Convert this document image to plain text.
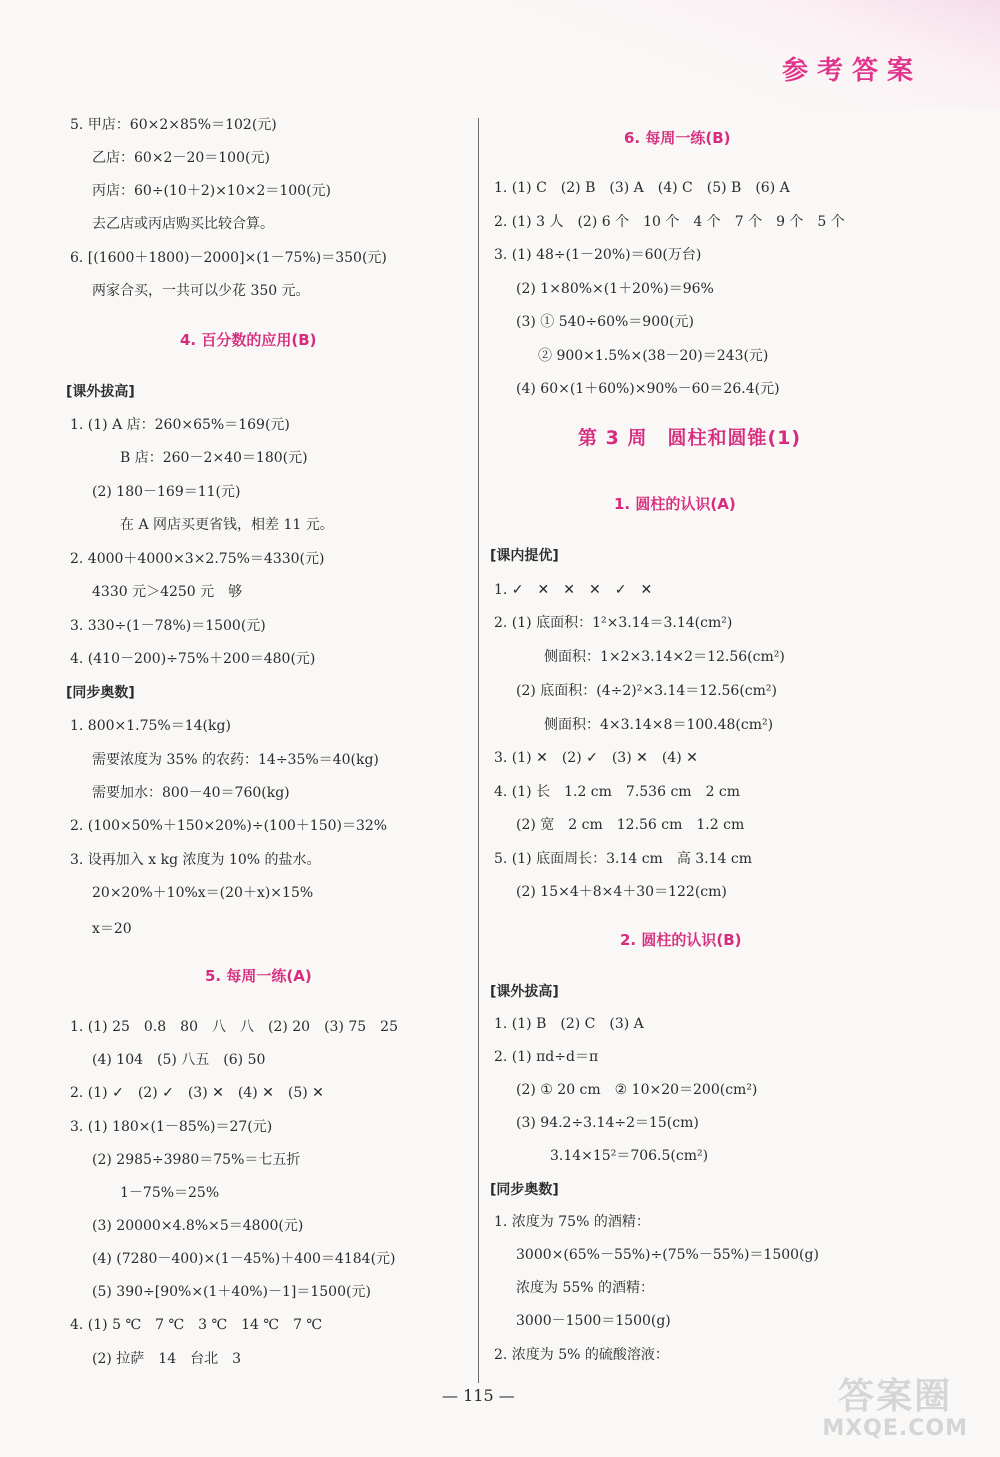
参考答案
5. 甲店：60×2×85%＝102(元)
乙店：60×2－20＝100(元)
丙店：60÷(10＋2)×10×2＝100(元)
去乙店或丙店购买比较合算。
6. [(1600＋1800)－2000]×(1－75%)＝350(元)
两家合买，一共可以少花 350 元。
4. 百分数的应用(B)
[课外拔高]
1. (1) A 店：260×65%＝169(元)
B 店：260－2×40＝180(元)
(2) 180－169＝11(元)
在 A 网店买更省钱，相差 11 元。
2. 4000＋4000×3×2.75%＝4330(元)
4330 元＞4250 元　够
3. 330÷(1－78%)＝1500(元)
4. (410－200)÷75%＋200＝480(元)
[同步奥数]
1. 800×1.75%＝14(kg)
需要浓度为 35% 的农药：14÷35%＝40(kg)
需要加水：800－40＝760(kg)
2. (100×50%＋150×20%)÷(100＋150)＝32%
3. 设再加入 x kg 浓度为 10% 的盐水。
20×20%＋10%x＝(20＋x)×15%
x＝20
5. 每周一练(A)
1. (1) 25　0.8　80　八　八　(2) 20　(3) 75　25
(4) 104　(5) 八五　(6) 50
2. (1) ✓　(2) ✓　(3) ✕　(4) ✕　(5) ✕
3. (1) 180×(1－85%)＝27(元)
(2) 2985÷3980＝75%＝七五折
1－75%＝25%
(3) 20000×4.8%×5＝4800(元)
(4) (7280－400)×(1－45%)＋400＝4184(元)
(5) 390÷[90%×(1＋40%)－1]＝1500(元)
4. (1) 5 ℃　7 ℃　3 ℃　14 ℃　7 ℃
(2) 拉萨　14　台北　3
6. 每周一练(B)
1. (1) C　(2) B　(3) A　(4) C　(5) B　(6) A
2. (1) 3 人　(2) 6 个　10 个　4 个　7 个　9 个　5 个
3. (1) 48÷(1－20%)＝60(万台)
(2) 1×80%×(1＋20%)＝96%
(3) ① 540÷60%＝900(元)
② 900×1.5%×(38－20)＝243(元)
(4) 60×(1＋60%)×90%－60＝26.4(元)
第 3 周　圆柱和圆锥(1)
1. 圆柱的认识(A)
[课内提优]
1. ✓　✕　✕　✕　✓　✕
2. (1) 底面积：1²×3.14＝3.14(cm²)
侧面积：1×2×3.14×2＝12.56(cm²)
(2) 底面积：(4÷2)²×3.14＝12.56(cm²)
侧面积：4×3.14×8＝100.48(cm²)
3. (1) ✕　(2) ✓　(3) ✕　(4) ✕
4. (1) 长　1.2 cm　7.536 cm　2 cm
(2) 宽　2 cm　12.56 cm　1.2 cm
5. (1) 底面周长：3.14 cm　高 3.14 cm
(2) 15×4＋8×4＋30＝122(cm)
2. 圆柱的认识(B)
[课外拔高]
1. (1) B　(2) C　(3) A
2. (1) πd÷d＝π
(2) ① 20 cm　② 10×20＝200(cm²)
(3) 94.2÷3.14÷2＝15(cm)
3.14×15²＝706.5(cm²)
[同步奥数]
1. 浓度为 75% 的酒精：
3000×(65%－55%)÷(75%－55%)＝1500(g)
浓度为 55% 的酒精：
3000－1500＝1500(g)
2. 浓度为 5% 的硫酸溶液：
— 115 —	答案圈
MXQE.COM
